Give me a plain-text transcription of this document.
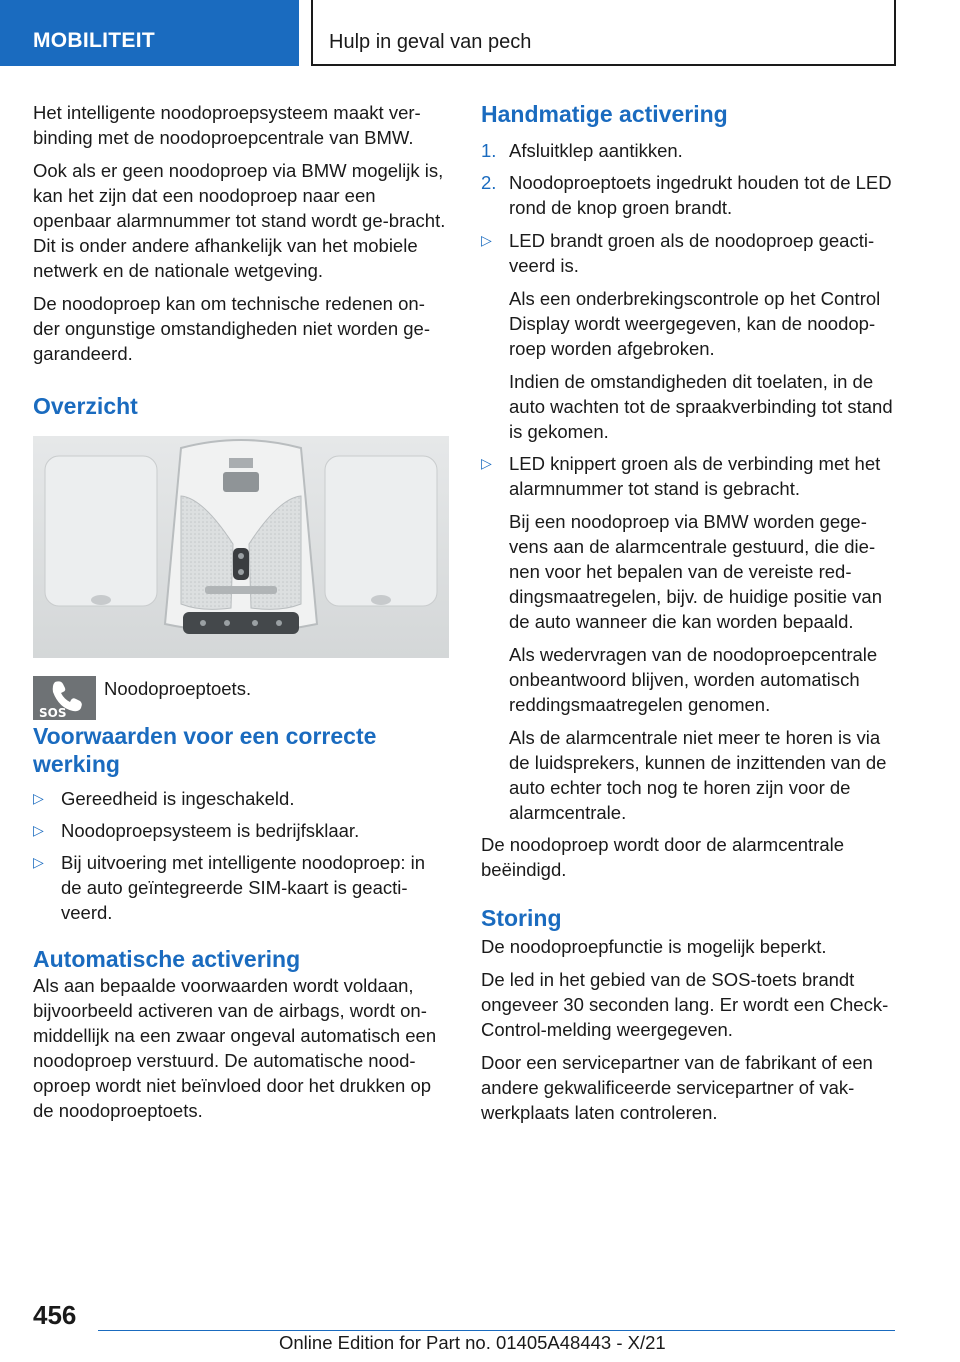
MOBILITEIT	Hulp in geval van pech

Het intelligente noodoproepsysteem maakt ver-binding met de noodoproepcentrale van BMW.

Ook als er geen noodoproep via BMW mogelijk is, kan het zijn dat een noodoproep naar een openbaar alarmnummer tot stand wordt ge-bracht. Dit is onder andere afhankelijk van het mobiele netwerk en de nationale wetgeving.

De noodoproep kan om technische redenen on-der ongunstige omstandigheden niet worden ge-garandeerd.

Overzicht
SOS
Noodoproeptoets.
Voorwaarden voor een correcte werking
▷ Gereedheid is ingeschakeld.
▷ Noodoproepsysteem is bedrijfsklaar.
▷ Bij uitvoering met intelligente noodoproep: in de auto geïntegreerde SIM-kaart is geacti-veerd.
Automatische activering

Als aan bepaalde voorwaarden wordt voldaan, bijvoorbeeld activeren van de airbags, wordt on-middellijk na een zwaar ongeval automatisch een noodoproep verstuurd. De automatische nood-oproep wordt niet beïnvloed door het drukken op de noodoproeptoets.

Handmatige activering
1. Afsluitklep aantikken.
2. Noodoproeptoets ingedrukt houden tot de LED rond de knop groen brandt.
▷ LED brandt groen als de noodoproep geacti-veerd is.
Als een onderbrekingscontrole op het Control Display wordt weergegeven, kan de noodop-roep worden afgebroken.
Indien de omstandigheden dit toelaten, in de auto wachten tot de spraakverbinding tot stand is gekomen.
▷ LED knippert groen als de verbinding met het alarmnummer tot stand is gebracht.
Bij een noodoproep via BMW worden gege-vens aan de alarmcentrale gestuurd, die die-nen voor het bepalen van de vereiste red-dingsmaatregelen, bijv. de huidige positie van de auto wanneer die kan worden bepaald.
Als wedervragen van de noodoproepcentrale onbeantwoord blijven, worden automatisch reddingsmaatregelen genomen.
Als de alarmcentrale niet meer te horen is via de luidsprekers, kunnen de inzittenden van de auto echter toch nog te horen zijn voor de alarmcentrale.

De noodoproep wordt door de alarmcentrale beëindigd.

Storing

De noodoproepfunctie is mogelijk beperkt.

De led in het gebied van de SOS-toets brandt ongeveer 30 seconden lang. Er wordt een Check-Control-melding weergegeven.

Door een servicepartner van de fabrikant of een andere gekwalificeerde servicepartner of vak-werkplaats laten controleren.

456
Online Edition for Part no. 01405A48443 - X/21
